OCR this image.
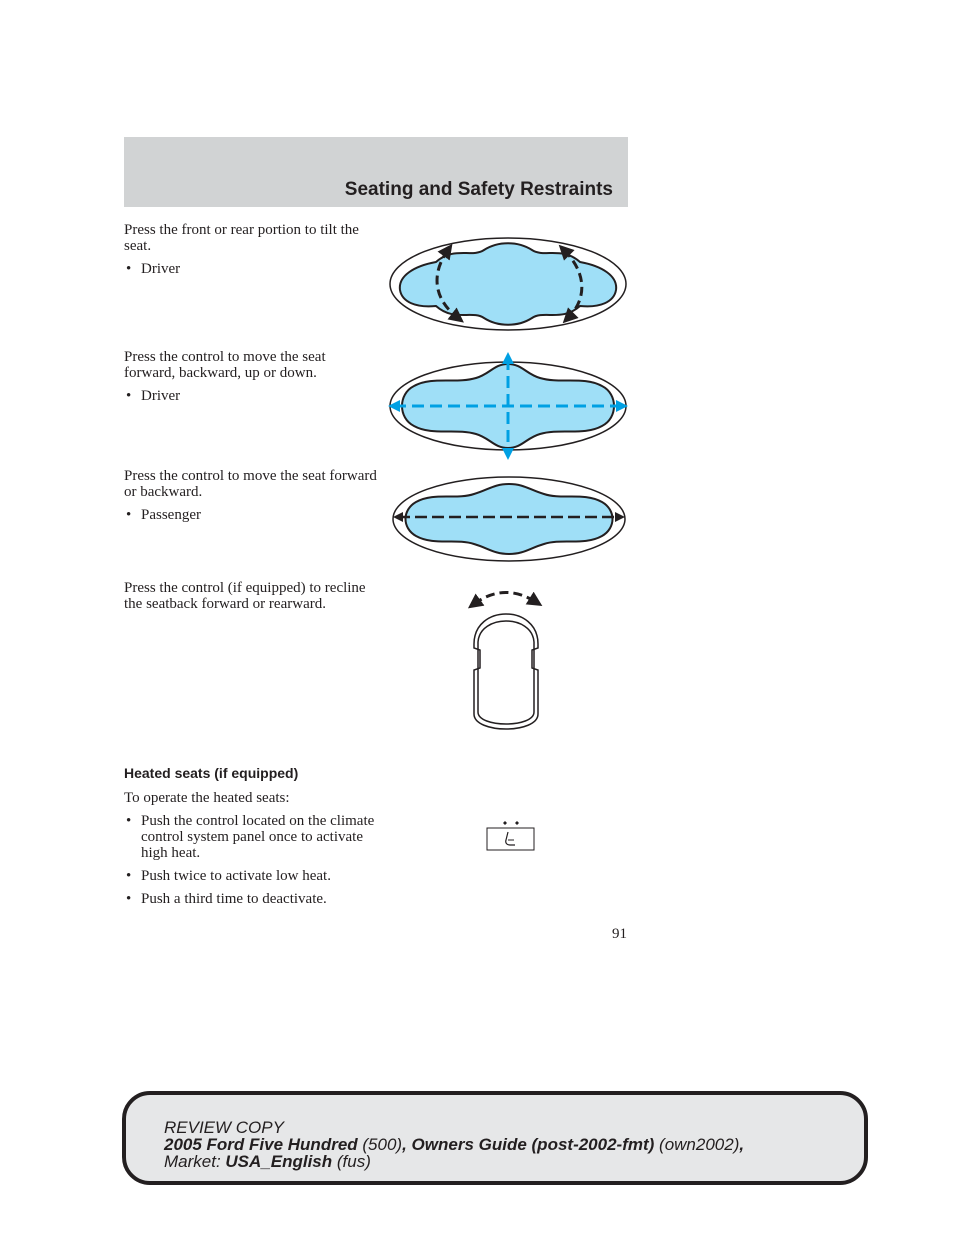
Seating and Safety Restraints

Press the front or rear portion to tilt the seat.

• Driver

Press the control to move the seat forward, backward, up or down.

• Driver

Press the control to move the seat forward or backward.

• Passenger

Press the control (if equipped) to recline the seatback forward or rearward.

Heated seats (if equipped)

To operate the heated seats:

• Push the control located on the climate control system panel once to activate high heat.
• Push twice to activate low heat.
• Push a third time to deactivate.
91
REVIEW COPY
2005 Ford Five Hundred (500), Owners Guide (post-2002-fmt) (own2002),
Market: USA_English (fus)
